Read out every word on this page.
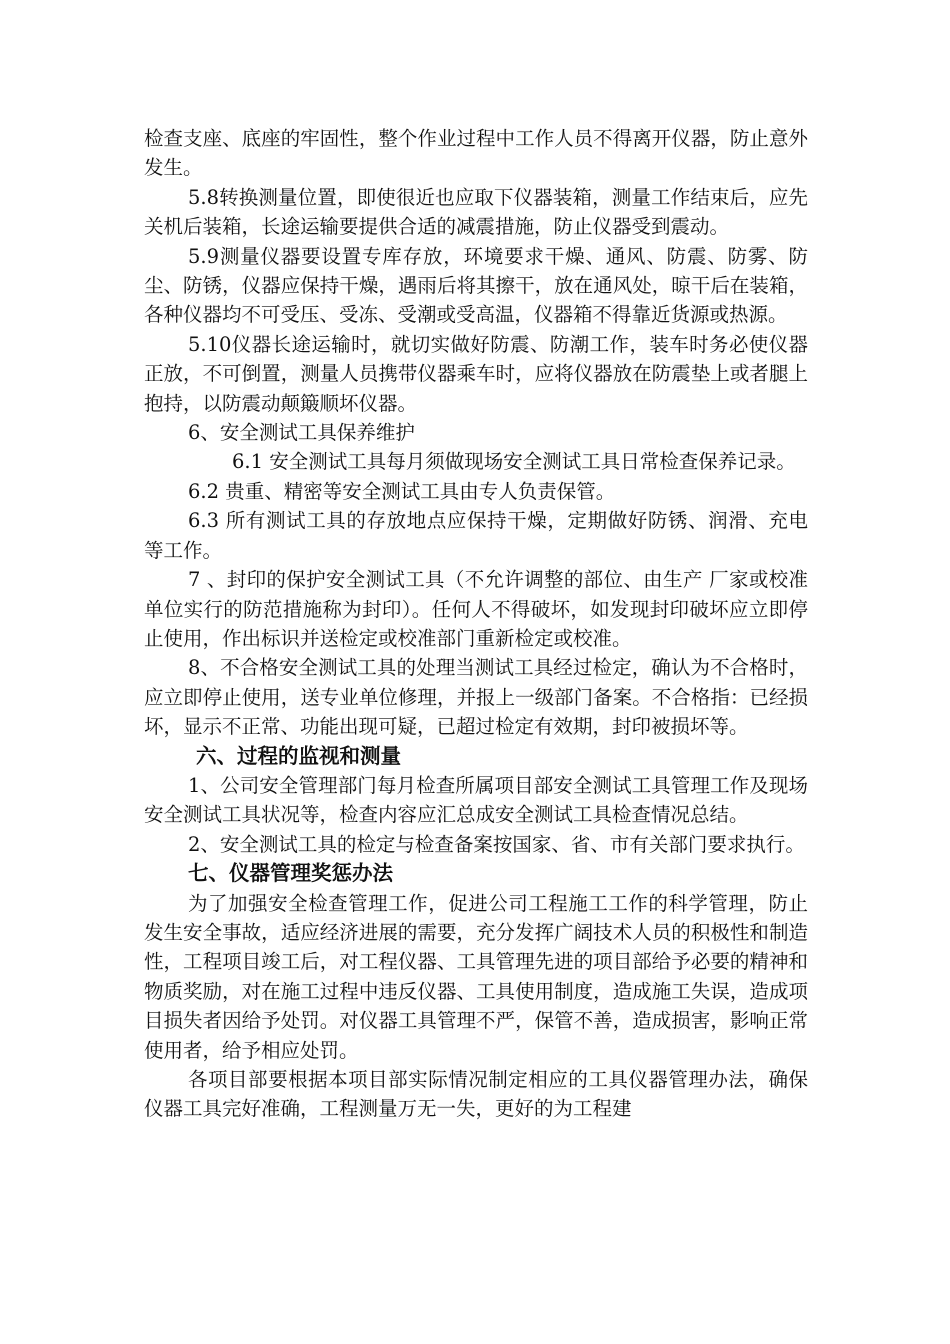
检查支座、底座的牢固性，整个作业过程中工作人员不得离开仪器，防止意外发生。

5.8转换测量位置，即使很近也应取下仪器装箱，测量工作结束后，应先关机后装箱，长途运输要提供合适的减震措施，防止仪器受到震动。

5.9测量仪器要设置专库存放，环境要求干燥、通风、防震、防雾、防尘、防锈，仪器应保持干燥，遇雨后将其擦干，放在通风处，晾干后在装箱，各种仪器均不可受压、受冻、受潮或受高温，仪器箱不得靠近货源或热源。

5.10仪器长途运输时，就切实做好防震、防潮工作，装车时务必使仪器正放，不可倒置，测量人员携带仪器乘车时，应将仪器放在防震垫上或者腿上抱持，以防震动颠簸顺坏仪器。

6、安全测试工具保养维护

6.1 安全测试工具每月须做现场安全测试工具日常检查保养记录。

6.2 贵重、精密等安全测试工具由专人负责保管。

6.3 所有测试工具的存放地点应保持干燥，定期做好防锈、润滑、充电等工作。

7 、封印的保护安全测试工具（不允许调整的部位、由生产 厂家或校准单位实行的防范措施称为封印）。任何人不得破坏，如发现封印破坏应立即停止使用，作出标识并送检定或校准部门重新检定或校准。

8、不合格安全测试工具的处理当测试工具经过检定，确认为不合格时，应立即停止使用，送专业单位修理，并报上一级部门备案。不合格指：已经损坏，显示不正常、功能出现可疑，已超过检定有效期，封印被损坏等。

六、过程的监视和测量

1、公司安全管理部门每月检查所属项目部安全测试工具管理工作及现场安全测试工具状况等，检查内容应汇总成安全测试工具检查情况总结。

2、安全测试工具的检定与检查备案按国家、省、市有关部门要求执行。

七、仪器管理奖惩办法

为了加强安全检查管理工作，促进公司工程施工工作的科学管理，防止发生安全事故，适应经济进展的需要，充分发挥广阔技术人员的积极性和制造性，工程项目竣工后，对工程仪器、工具管理先进的项目部给予必要的精神和物质奖励，对在施工过程中违反仪器、工具使用制度，造成施工失误，造成项目损失者因给予处罚。对仪器工具管理不严，保管不善，造成损害，影响正常使用者，给予相应处罚。

各项目部要根据本项目部实际情况制定相应的工具仪器管理办法，确保仪器工具完好准确，工程测量万无一失，更好的为工程建
